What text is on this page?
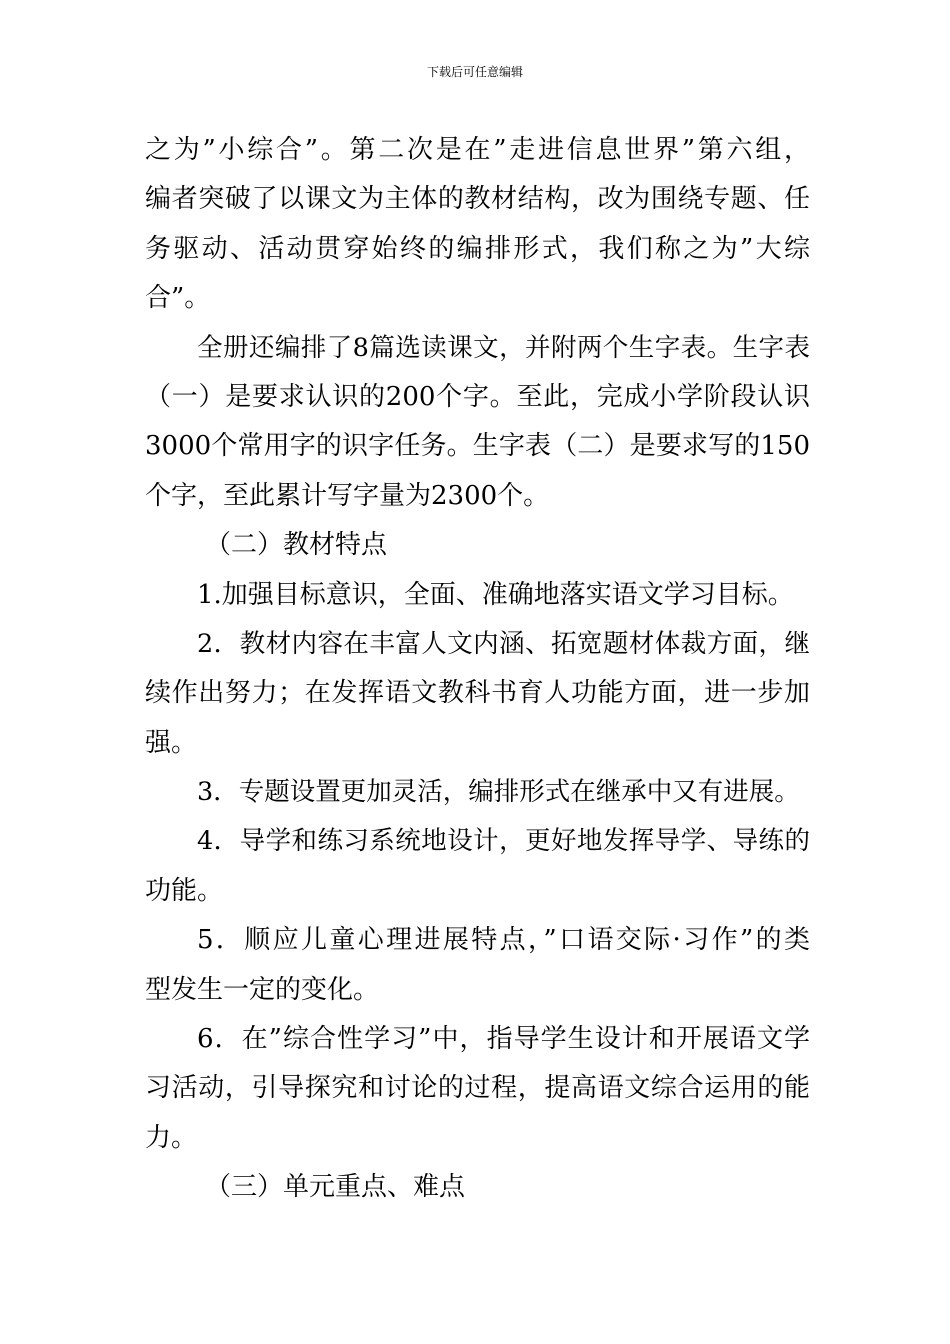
下载后可任意编辑
之为”小综合”。第二次是在”走进信息世界”第六组，
编者突破了以课文为主体的教材结构，改为围绕专题、任
务驱动、活动贯穿始终的编排形式，我们称之为”大综
合”。
全册还编排了8篇选读课文，并附两个生字表。生字表
（一）是要求认识的200个字。至此，完成小学阶段认识
3000个常用字的识字任务。生字表（二）是要求写的150
个字，至此累计写字量为2300个。
（二）教材特点
1.加强目标意识，全面、准确地落实语文学习目标。
2．教材内容在丰富人文内涵、拓宽题材体裁方面，继
续作出努力；在发挥语文教科书育人功能方面，进一步加
强。
3．专题设置更加灵活，编排形式在继承中又有进展。
4．导学和练习系统地设计，更好地发挥导学、导练的
功能。
5．顺应儿童心理进展特点，”口语交际·习作”的类
型发生一定的变化。
6．在”综合性学习”中，指导学生设计和开展语文学
习活动，引导探究和讨论的过程，提高语文综合运用的能
力。
（三）单元重点、难点
